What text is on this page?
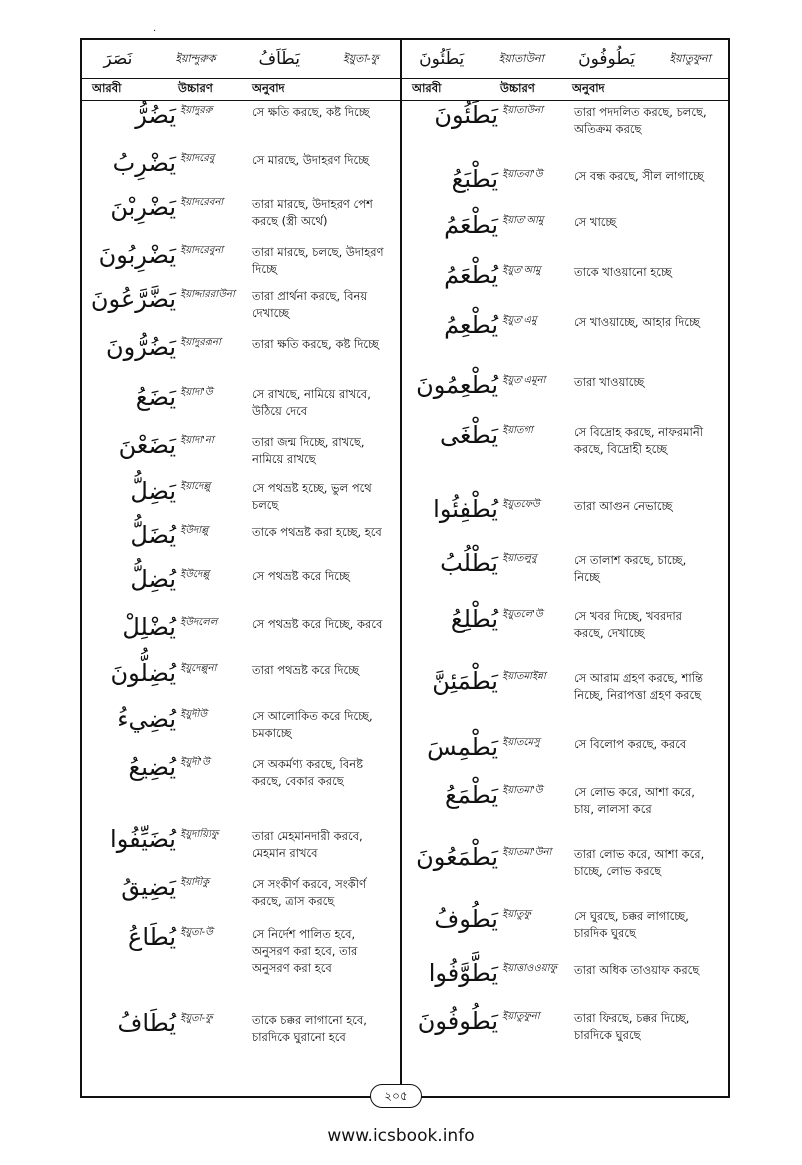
·
نَصَرَ	ইয়ান্দুরুক	يَطَاَفُ	ইয়ুতা-ফু يَطَئُونَ	ইয়াতাউনা يَطُوفُونَ	ইয়াতুফুনা
আরবী	উচ্চারণ	অনুবাদ	আরবী	উচ্চারণ	অনুবাদ
يَضُرُّ ইয়াদুররু	সে ক্ষতি করছে, কষ্ট দিচ্ছে
يَضْرِبُ ইয়াদরেবু	সে মারছে, উদাহরণ দিচ্ছে
يَضْرِبْنَ ইয়াদরেবনা	তারা মারছে, উদাহরণ পেশ করছে (স্ত্রী অর্থে)
يَضْرِبُونَ ইয়াদরেবুনা	তারা মারছে, চলছে, উদাহরণ দিচ্ছে
يَضَّرَّعُونَ ইয়াদ্দাররাউনা	তারা প্রার্থনা করছে, বিনয় দেখাচ্ছে
يَضُرُّونَ ইয়াদুররূনা	তারা ক্ষতি করছে, কষ্ট দিচ্ছে
يَضَعُ ইয়াদা'উ	সে রাখছে, নামিয়ে রাখবে, উঠিয়ে দেবে
يَضَعْنَ ইয়াদা'না	তারা জন্ম দিচ্ছে, রাখছে, নামিয়ে রাখছে
يَضِلُّ ইয়াদেল্লু	সে পথভ্রষ্ট হচ্ছে, ভুল পথে চলছে
يُضَلُّ ইউদাল্লু	তাকে পথভ্রষ্ট করা হচ্ছে, হবে
يُضِلُّ ইউদেল্লু	সে পথভ্রষ্ট করে দিচ্ছে
يُضْلِلْ ইউদলেল	সে পথভ্রষ্ট করে দিচ্ছে, করবে
يُضِلُّونَ ইয়ুদেল্লুনা	তারা পথভ্রষ্ট করে দিচ্ছে
يُضِيءُ ইয়ুদীউ	সে আলোকিত করে দিচ্ছে, চমকাচ্ছে
يُضِيعُ ইয়ুদী'উ	সে অকর্মণ্য করছে, বিনষ্ট করছে, বেকার করছে
يُضَيِّفُوا ইয়ুদায়্যিফু	তারা মেহমানদারী করবে, মেহমান রাখবে
يَضِيقُ ইয়াদীকু	সে সংকীর্ণ করবে, সংকীর্ণ করছে, ত্রাস করছে
يُطَاعُ ইয়ুতা-উ	সে নির্দেশ পালিত হবে, অনুসরণ করা হবে, তার অনুসরণ করা হবে
يُطَافُ ইয়ুতা-ফু	তাকে চক্কর লাগানো হবে, চারদিকে ঘুরানো হবে
يَطَئُونَ ইয়াতাউনা	তারা পদদলিত করছে, চলছে, অতিক্রম করছে
يَطْبَعُ ইয়াতবা'উ	সে বন্ধ করছে, সীল লাগাচ্ছে
يَطْعَمُ ইয়াত'আমু	সে খাচ্ছে
يُطْعَمُ ইয়ুত'আমু	তাকে খাওয়ানো হচ্ছে
يُطْعِمُ ইয়ুত'এমু	সে খাওয়াচ্ছে, আহার দিচ্ছে
يُطْعِمُونَ ইয়ুত'এমূনা	তারা খাওয়াচ্ছে
يَطْغَى ইয়াতগা	সে বিদ্রোহ করছে, নাফরমানী করছে, বিদ্রোহী হচ্ছে
يُطْفِئُوا ইয়ুতফেউ	তারা আগুন নেভাচ্ছে
يَطْلُبُ ইয়াতলুবু	সে তালাশ করছে, চাচ্ছে, নিচ্ছে
يُطْلِعُ ইয়ুতলে'উ	সে খবর দিচ্ছে, খবরদার করছে, দেখাচ্ছে
يَطْمَئِنَّ ইয়াতমাইন্না	সে আরাম গ্রহণ করছে, শান্তি নিচ্ছে, নিরাপত্তা গ্রহণ করছে
يَطْمِسَ ইয়াতমেসু	সে বিলোপ করছে, করবে
يَطْمَعُ ইয়াতমা'উ	সে লোভ করে, আশা করে, চায়, লালসা করে
يَطْمَعُونَ ইয়াতমা'উনা	তারা লোভ করে, আশা করে, চাচ্ছে, লোভ করছে
يَطُوفُ ইয়াতুফু	সে ঘুরছে, চক্কর লাগাচ্ছে, চারদিক ঘুরছে
يَطَّوَّفُوا ইয়াত্তাওওয়াফু	তারা অধিক তাওয়াফ করছে
يَطُوفُونَ ইয়াতুফুনা	তারা ফিরছে, চক্কর দিচ্ছে, চারদিকে ঘুরছে
২০৫
www.icsbook.info
